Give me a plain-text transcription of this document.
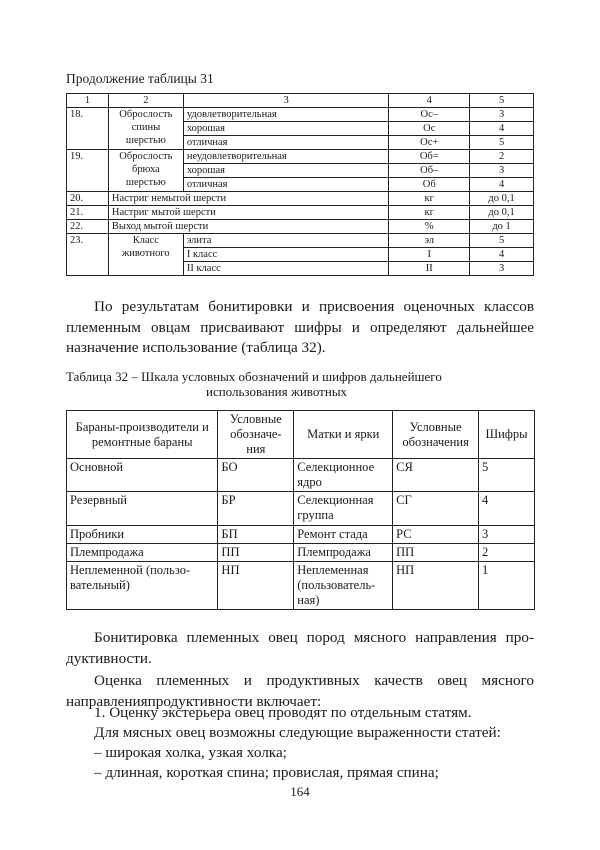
Продолжение таблицы 31
1	2	3	4	5
18.	Оброслость спины шерстью	удовлетворительная	Ос–	3
		хорошая	Ос	4
		отличная	Ос+	5
19.	Оброслость брюха шерстью	неудовлетворительная	Об=	2
		хорошая	Об–	3
		отличная	Об	4
20.	Настриг немытой шерсти		кг	до 0,1
21.	Настриг мытой шерсти		кг	до 0,1
22.	Выход мытой шерсти		%	до 1
23.	Класс животного	элита	эл	5
		I класс	I	4
		II класс	II	3
По результатам бонитировки и присвоения оценочных классов племенным овцам присваивают шифры и определяют дальнейшее назначение использование (таблица 32).
Таблица 32 – Шкала условных обозначений и шифров дальнейшего
использования животных
Бараны-производители и ремонтные бараны	Условные обозначе-ния	Матки и ярки	Условные обозначения	Шифры
Основной	БО	Селекционное ядро	СЯ	5
Резервный	БР	Селекционная группа	СГ	4
Пробники	БП	Ремонт стада	РС	3
Племпродажа	ПП	Племпродажа	ПП	2
Неплеменной (пользо-вательный)	НП	Неплеменная (пользователь-ная)	НП	1
Бонитировка племенных овец пород мясного направления про-дуктивности.
Оценка племенных и продуктивных качеств овец мясного направленияпродуктивности включает:
1. Оценку экстерьера овец проводят по отдельным статям.
Для мясных овец возможны следующие выраженности статей:
– широкая холка, узкая холка;
– длинная, короткая спина; провислая, прямая спина;
164
